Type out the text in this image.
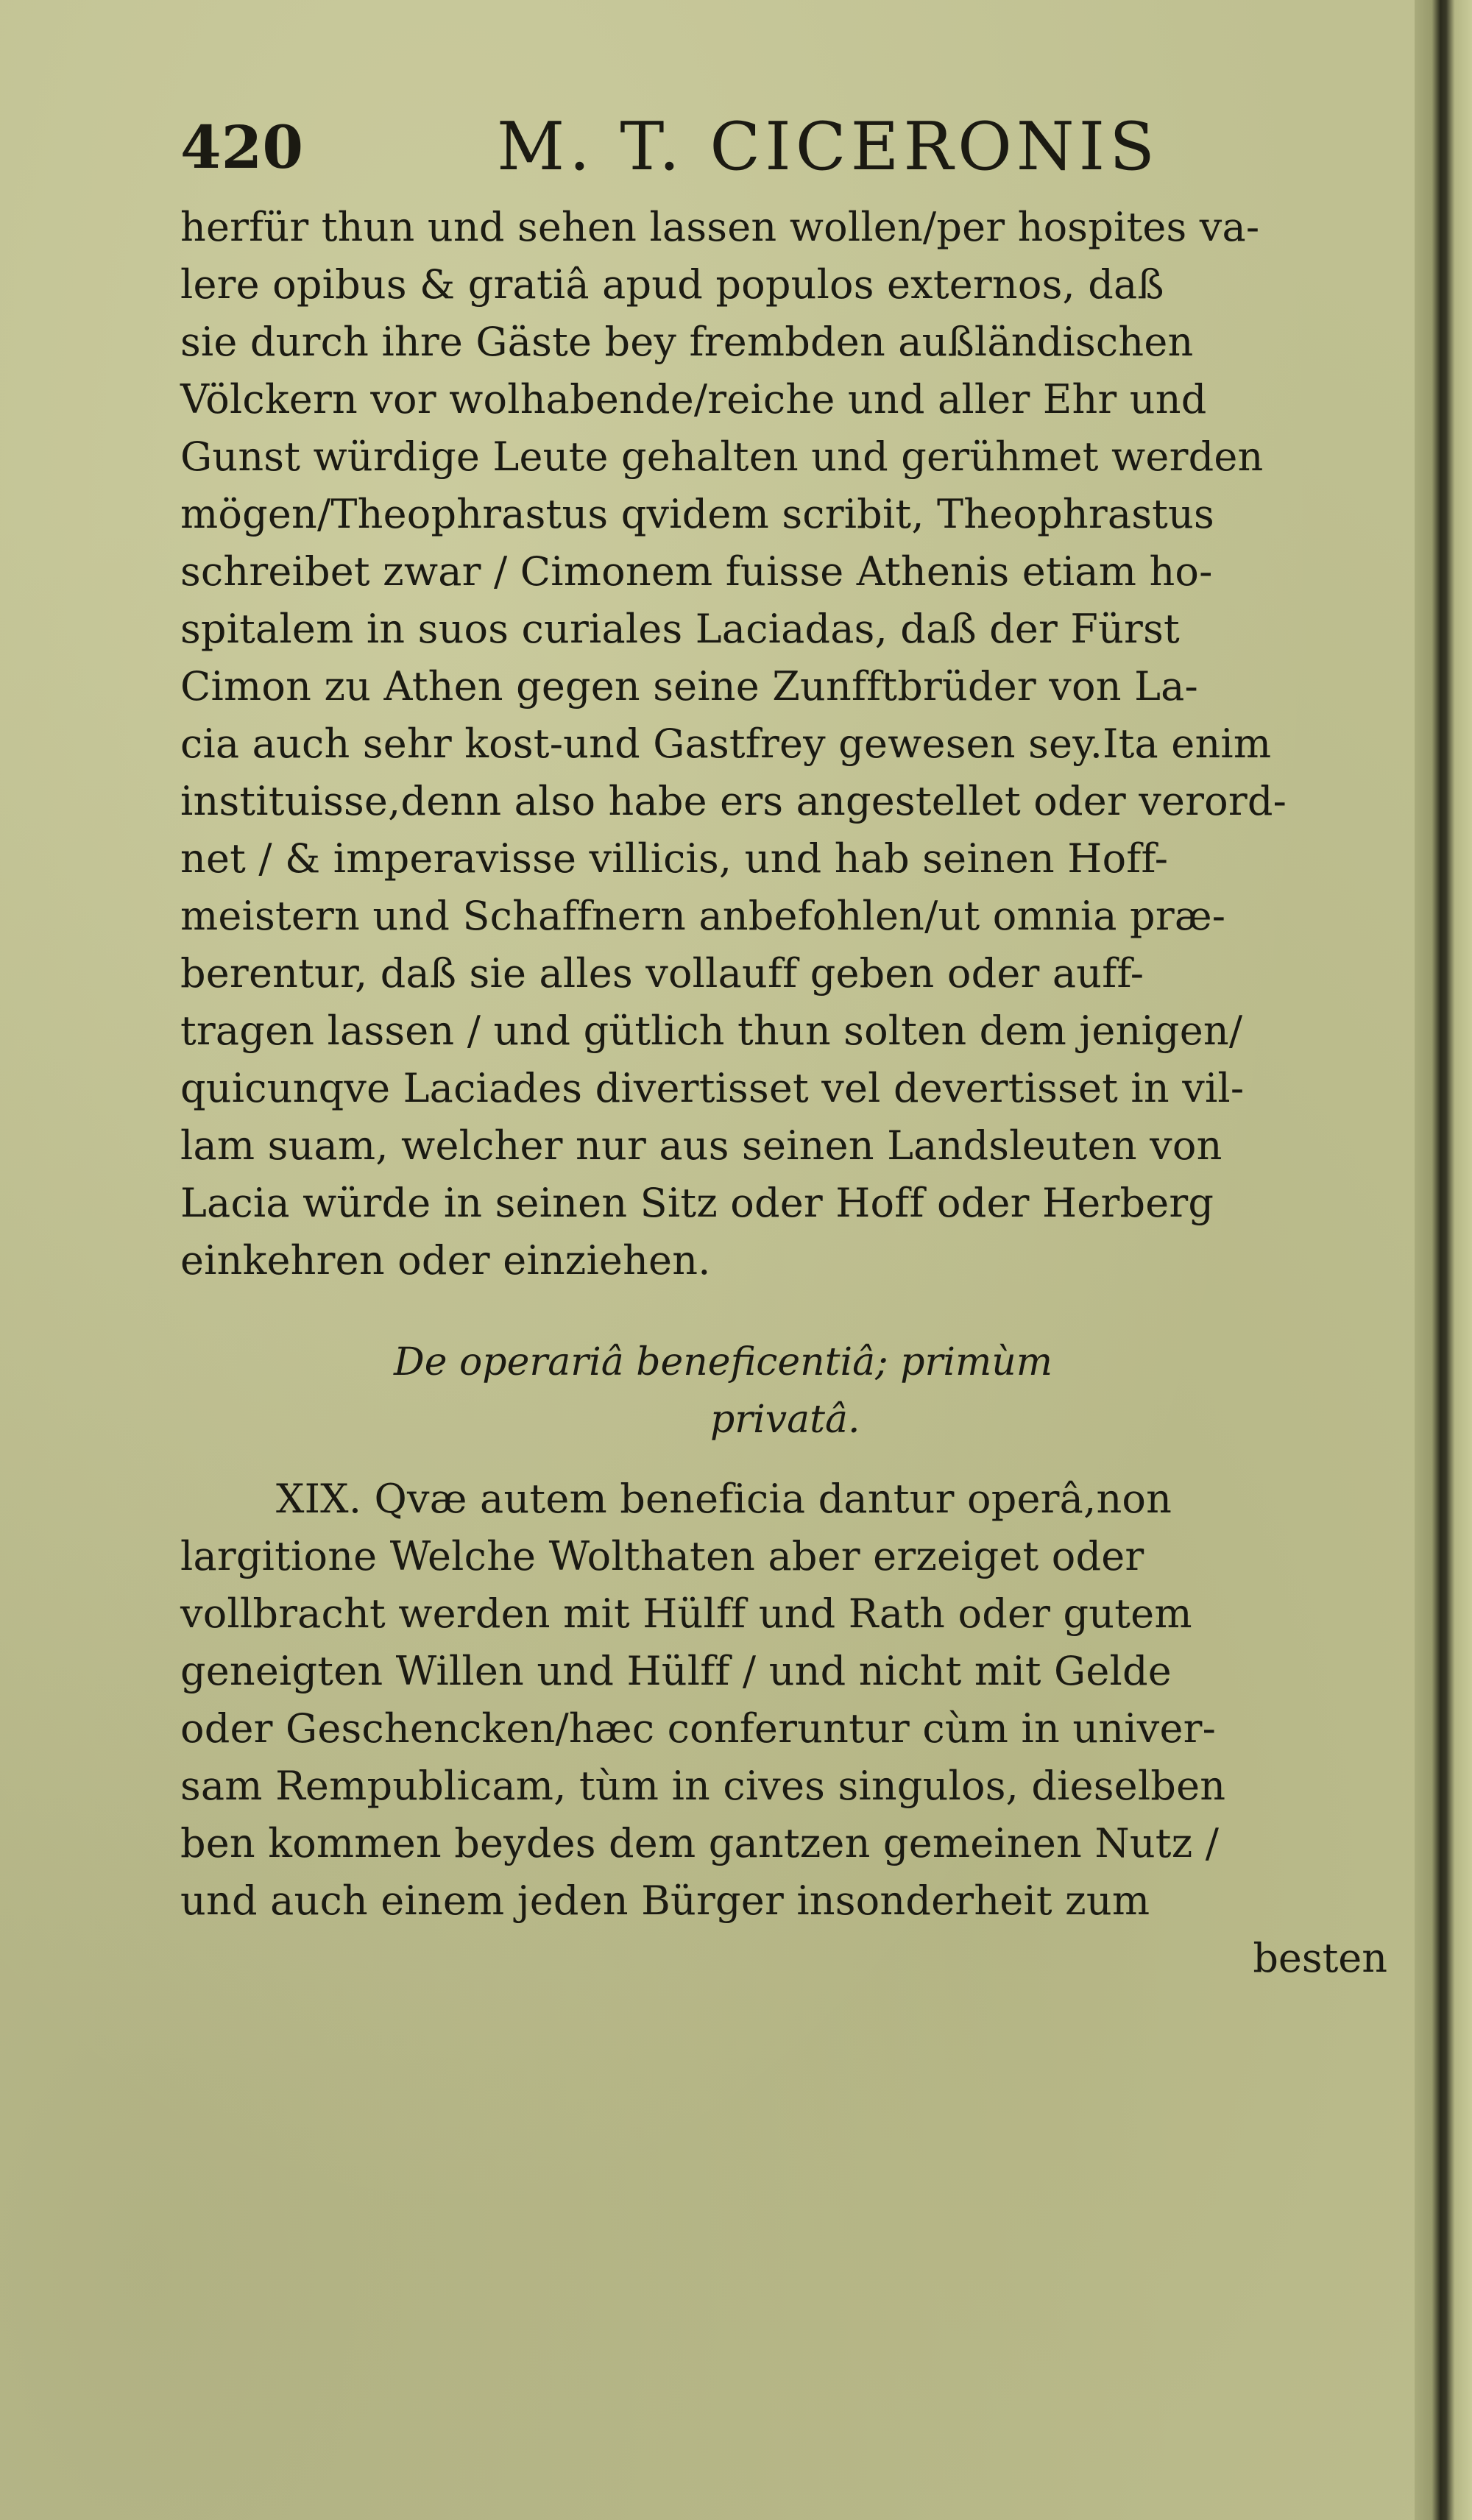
420	M. T. CICERONIS
herfür thun und sehen lassen wollen/per hospites va-
lere opibus & gratiâ apud populos externos, daß
sie durch ihre Gäste bey frembden außländischen
Völckern vor wolhabende/reiche und aller Ehr und
Gunst würdige Leute gehalten und gerühmet werden
mögen/Theophrastus qvidem scribit, Theophrastus
schreibet zwar / Cimonem fuisse Athenis etiam ho-
spitalem in suos curiales Laciadas, daß der Fürst
Cimon zu Athen gegen seine Zunfftbrüder von La-
cia auch sehr kost-und Gastfrey gewesen sey.Ita enim
instituisse,denn also habe ers angestellet oder verord-
net / & imperavisse villicis, und hab seinen Hoff-
meistern und Schaffnern anbefohlen/ut omnia præ-
berentur, daß sie alles vollauff geben oder auff-
tragen lassen / und gütlich thun solten dem jenigen/
quicunqve Laciades divertisset vel devertisset in vil-
lam suam, welcher nur aus seinen Landsleuten von
Lacia würde in seinen Sitz oder Hoff oder Herberg
einkehren oder einziehen.
De operariâ beneficentiâ; primùm
privatâ.
XIX. Qvæ autem beneficia dantur operâ,non
largitione Welche Wolthaten aber erzeiget oder
vollbracht werden mit Hülff und Rath oder gutem
geneigten Willen und Hülff / und nicht mit Gelde
oder Geschencken/hæc conferuntur cùm in univer-
sam Rempublicam, tùm in cives singulos, dieselben
ben kommen beydes dem gantzen gemeinen Nutz /
und auch einem jeden Bürger insonderheit zum
besten
